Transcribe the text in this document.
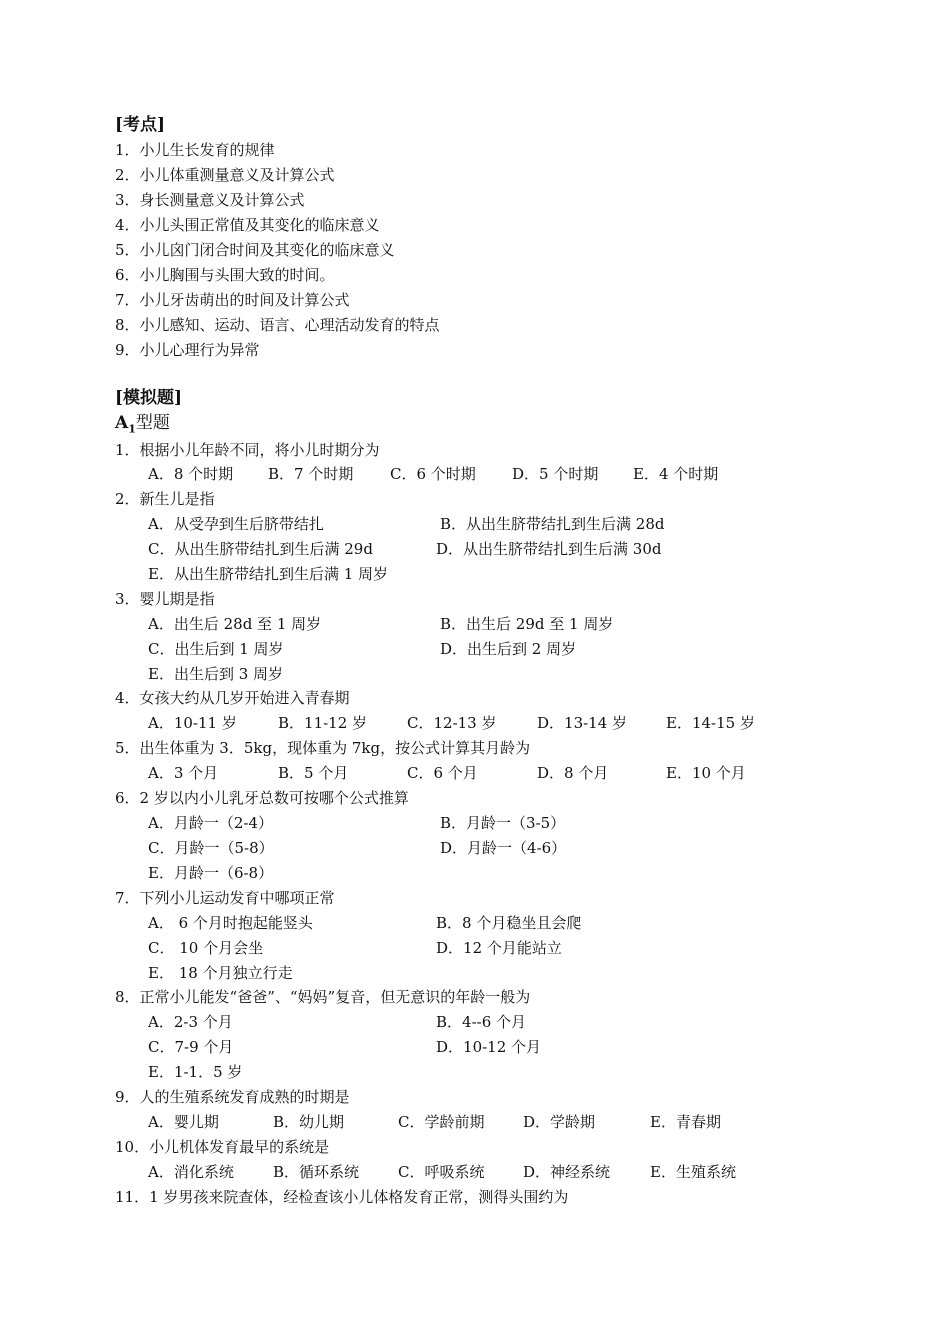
[考点]
1．小儿生长发育的规律
2．小儿体重测量意义及计算公式
3．身长测量意义及计算公式
4．小儿头围正常值及其变化的临床意义
5．小儿囟门闭合时间及其变化的临床意义
6．小儿胸围与头围大致的时间。
7．小儿牙齿萌出的时间及计算公式
8．小儿感知、运动、语言、心理活动发育的特点
9．小儿心理行为异常
[模拟题]
$A_1$型题
1．根据小儿年龄不同，将小儿时期分为
A．8 个时期 B．7 个时期 C．6 个时期 D．5 个时期 E．4 个时期
2．新生儿是指
A．从受孕到生后脐带结扎	B．从出生脐带结扎到生后满 28d
C．从出生脐带结扎到生后满 29d	D．从出生脐带结扎到生后满 30d
E．从出生脐带结扎到生后满 1 周岁
3．婴儿期是指
A．出生后 28d 至 1 周岁	B．出生后 29d 至 1 周岁
C．出生后到 1 周岁	D．出生后到 2 周岁
E．出生后到 3 周岁
4．女孩大约从几岁开始进入青春期
A．10-11 岁	B．11-12 岁	C．12-13 岁	D．13-14 岁	E．14-15 岁
5．出生体重为 3．5kg，现体重为 7kg，按公式计算其月龄为
A．3 个月	B．5 个月	C．6 个月	D．8 个月	E．10 个月
6．2 岁以内小儿乳牙总数可按哪个公式推算
A．月龄一（2-4）	B．月龄一（3-5）
C．月龄一（5-8）	D．月龄一（4-6）
E．月龄一（6-8）
7．下列小儿运动发育中哪项正常
A． 6 个月时抱起能竖头	B．8 个月稳坐且会爬
C． 10 个月会坐	D．12 个月能站立
E． 18 个月独立行走
8．正常小儿能发“爸爸”、“妈妈”复音，但无意识的年龄一般为
A．2-3 个月	B．4--6 个月
C．7-9 个月	D．10-12 个月
E．1-1．5 岁
9．人的生殖系统发育成熟的时期是
A．婴儿期	B．幼儿期	C．学龄前期	D．学龄期	E．青春期
10．小儿机体发育最早的系统是
A．消化系统	B．循环系统	C．呼吸系统	D．神经系统	E．生殖系统
11．1 岁男孩来院查体，经检查该小儿体格发育正常，测得头围约为
